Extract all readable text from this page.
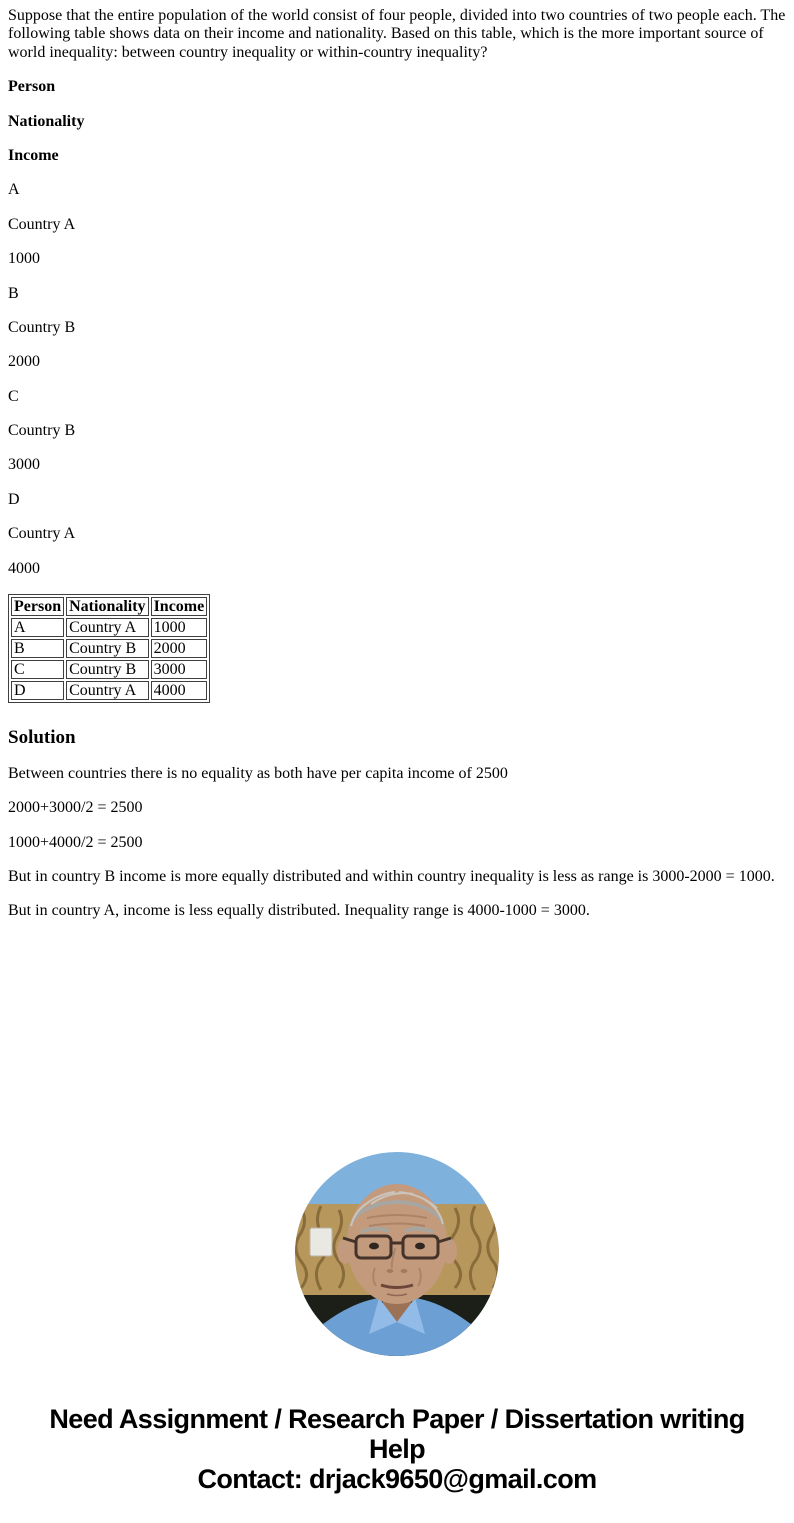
Suppose that the entire population of the world consist of four people, divided into two countries of two people each. The following table shows data on their income and nationality. Based on this table, which is the more important source of world inequality: between country inequality or within-country inequality?

Person

Nationality

Income

A

Country A

1000

B

Country B

2000

C

Country B

3000

D

Country A

4000

Person	Nationality	Income
A	Country A	1000
B	Country B	2000
C	Country B	3000
D	Country A	4000
Solution

Between countries there is no equality as both have per capita income of 2500

2000+3000/2 = 2500

1000+4000/2 = 2500

But in country B income is more equally distributed and within country inequality is less as range is 3000-2000 = 1000.

But in country A, income is less equally distributed. Inequality range is 4000-1000 = 3000.

Need Assignment / Research Paper / Dissertation writing Help
Contact: drjack9650@gmail.com
